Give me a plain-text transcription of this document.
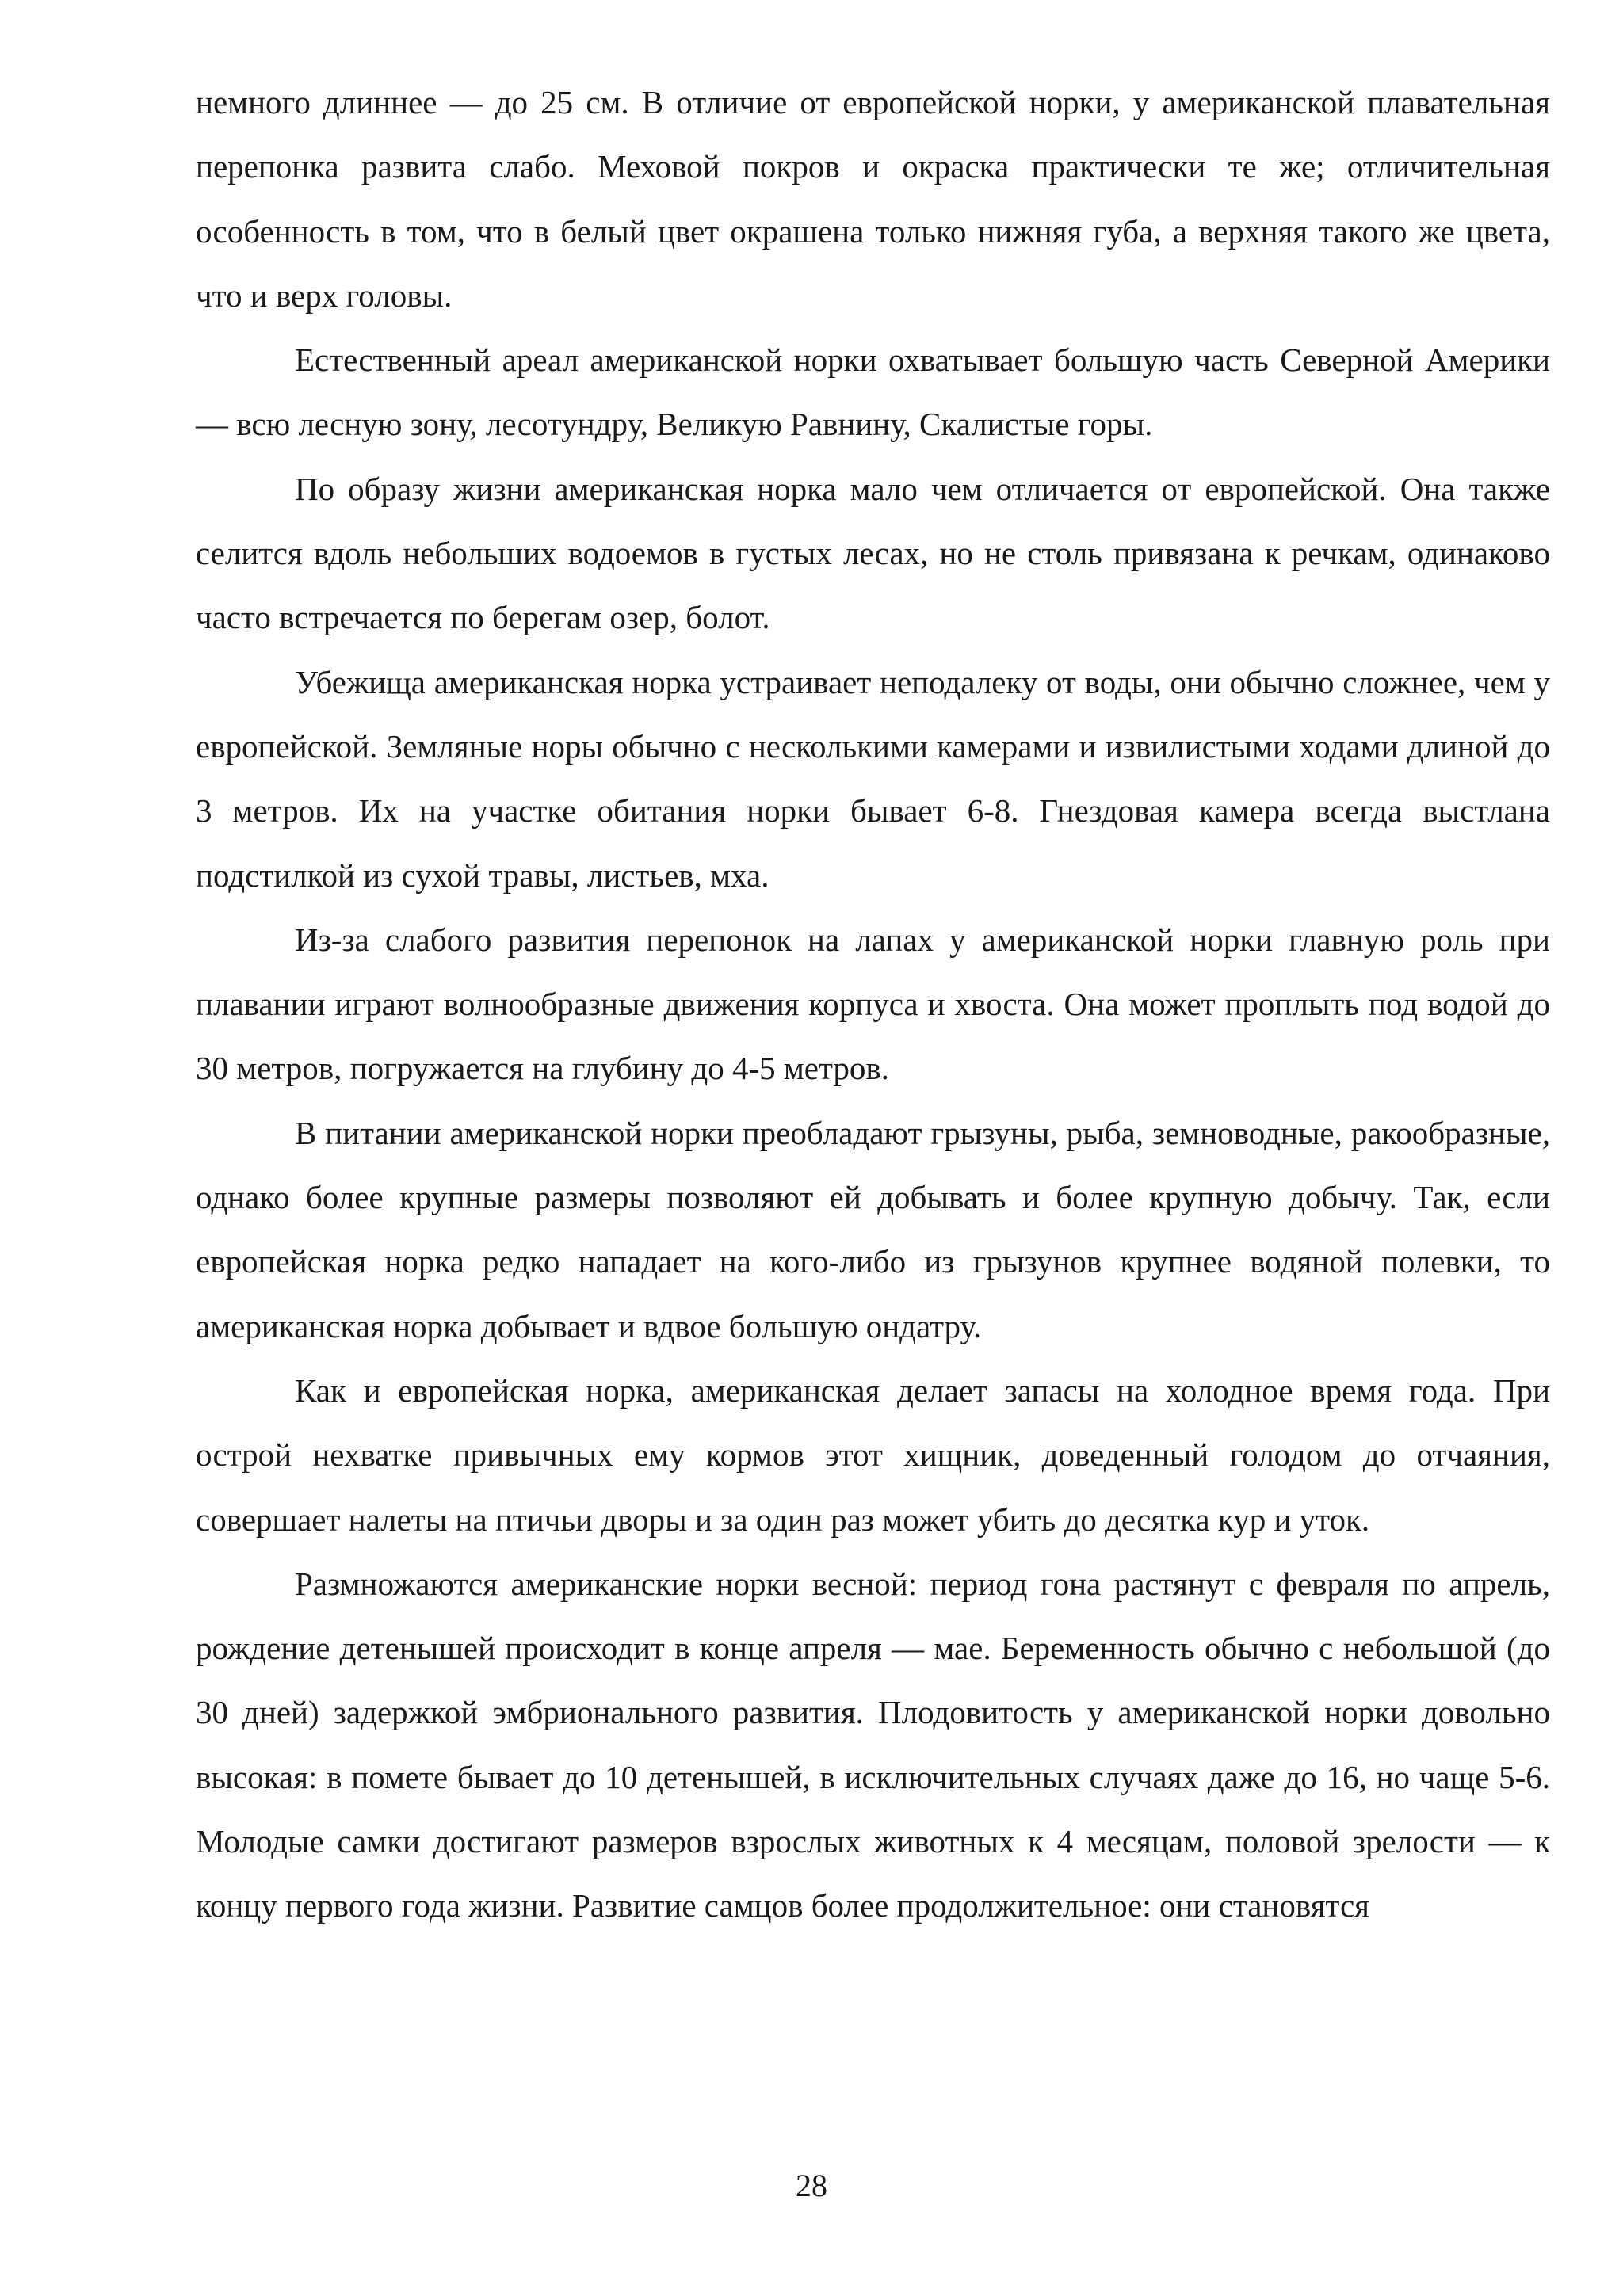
немного длиннее — до 25 см. В отличие от европейской норки, у американской плавательная перепонка развита слабо. Меховой покров и окраска практически те же; отличительная особенность в том, что в белый цвет окрашена только нижняя губа, а верхняя такого же цвета, что и верх головы.

Естественный ареал американской норки охватывает большую часть Северной Америки — всю лесную зону, лесотундру, Великую Равнину, Скалистые горы.

По образу жизни американская норка мало чем отличается от европейской. Она также селится вдоль небольших водоемов в густых лесах, но не столь привязана к речкам, одинаково часто встречается по берегам озер, болот.

Убежища американская норка устраивает неподалеку от воды, они обычно сложнее, чем у европейской. Земляные норы обычно с несколькими камерами и извилистыми ходами длиной до 3 метров. Их на участке обитания норки бывает 6-8. Гнездовая камера всегда выстлана подстилкой из сухой травы, листьев, мха.

Из-за слабого развития перепонок на лапах у американской норки главную роль при плавании играют волнообразные движения корпуса и хвоста. Она может проплыть под водой до 30 метров, погружается на глубину до 4-5 метров.

В питании американской норки преобладают грызуны, рыба, земноводные, ракообразные, однако более крупные размеры позволяют ей добывать и более крупную добычу. Так, если европейская норка редко нападает на кого-либо из грызунов крупнее водяной полевки, то американская норка добывает и вдвое большую ондатру.

Как и европейская норка, американская делает запасы на холодное время года. При острой нехватке привычных ему кормов этот хищник, доведенный голодом до отчаяния, совершает налеты на птичьи дворы и за один раз может убить до десятка кур и уток.

Размножаются американские норки весной: период гона растянут с февраля по апрель, рождение детенышей происходит в конце апреля — мае. Беременность обычно с небольшой (до 30 дней) задержкой эмбрионального развития. Плодовитость у американской норки довольно высокая: в помете бывает до 10 детенышей, в исключительных случаях даже до 16, но чаще 5-6. Молодые самки достигают размеров взрослых животных к 4 месяцам, половой зрелости — к концу первого года жизни. Развитие самцов более продолжительное: они становятся

28
